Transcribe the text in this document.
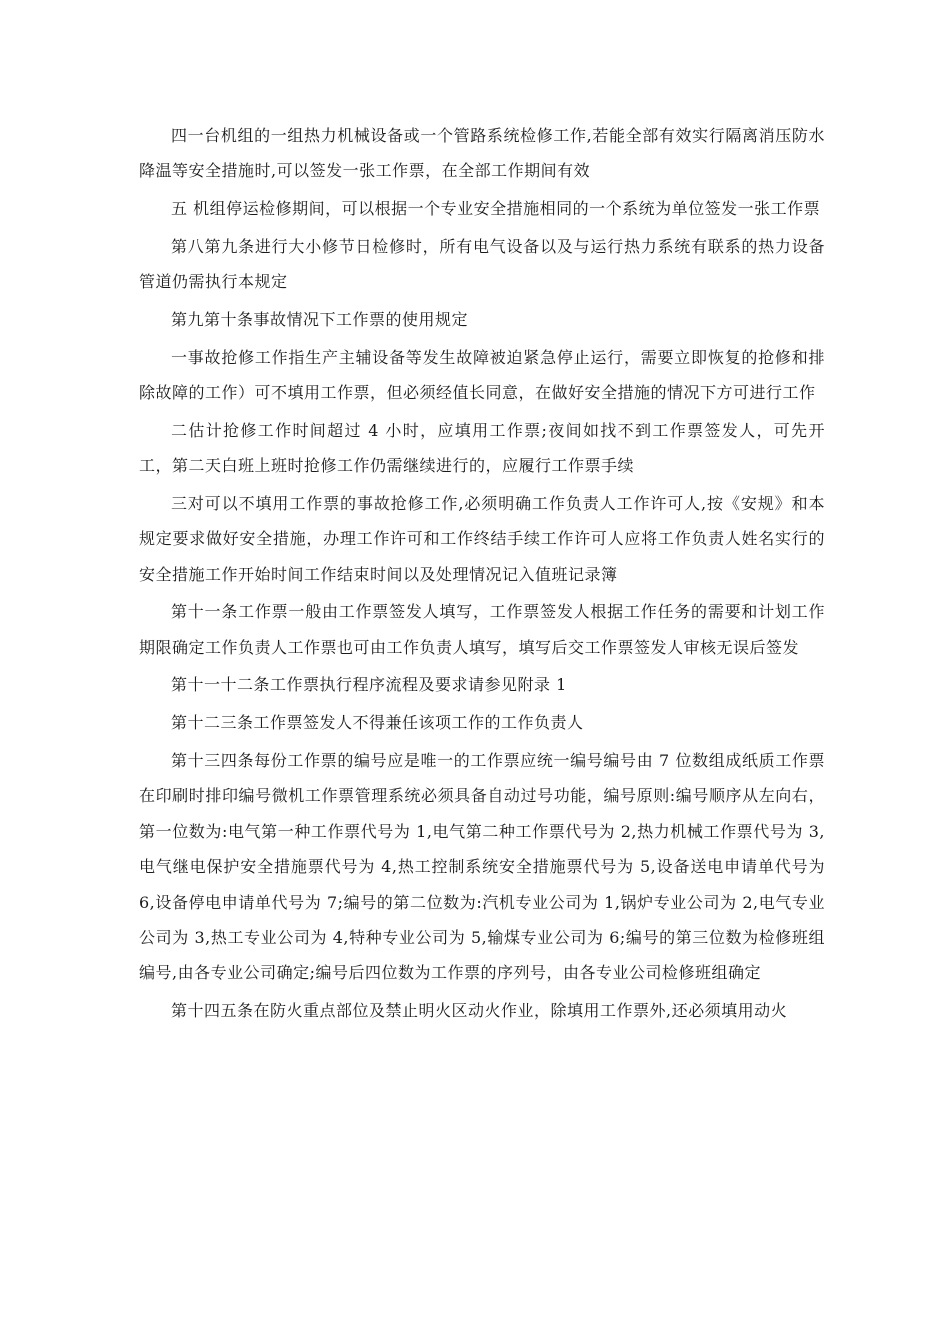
四一台机组的一组热力机械设备或一个管路系统检修工作,若能全部有效实行隔离消压防水 降温等安全措施时,可以签发一张工作票，在全部工作期间有效

五 机组停运检修期间，可以根据一个专业安全措施相同的一个系统为单位签发一张工作票

第八第九条进行大小修节日检修时，所有电气设备以及与运行热力系统有联系的热力设备管道仍需执行本规定

第九第十条事故情况下工作票的使用规定

一事故抢修工作指生产主辅设备等发生故障被迫紧急停止运行，需要立即恢复的抢修和排除故障的工作）可不填用工作票，但必须经值长同意，在做好安全措施的情况下方可进行工作

二估计抢修工作时间超过 4 小时，应填用工作票;夜间如找不到工作票签发人，可先开工，第二天白班上班时抢修工作仍需继续进行的，应履行工作票手续

三对可以不填用工作票的事故抢修工作,必须明确工作负责人工作许可人,按《安规》和本规定要求做好安全措施，办理工作许可和工作终结手续工作许可人应将工作负责人姓名实行的安全措施工作开始时间工作结束时间以及处理情况记入值班记录簿

第十一条工作票一般由工作票签发人填写，工作票签发人根据工作任务的需要和计划工作期限确定工作负责人工作票也可由工作负责人填写，填写后交工作票签发人审核无误后签发

第十一十二条工作票执行程序流程及要求请参见附录 1

第十二三条工作票签发人不得兼任该项工作的工作负责人

第十三四条每份工作票的编号应是唯一的工作票应统一编号编号由 7 位数组成纸质工作票在印刷时排印编号微机工作票管理系统必须具备自动过号功能，编号原则:编号顺序从左向右，第一位数为:电气第一种工作票代号为 1,电气第二种工作票代号为 2,热力机械工作票代号为 3,电气继电保护安全措施票代号为 4,热工控制系统安全措施票代号为 5,设备送电申请单代号为 6,设备停电申请单代号为 7;编号的第二位数为:汽机专业公司为 1,锅炉专业公司为 2,电气专业公司为 3,热工专业公司为 4,特种专业公司为 5,输煤专业公司为 6;编号的第三位数为检修班组编号,由各专业公司确定;编号后四位数为工作票的序列号，由各专业公司检修班组确定

第十四五条在防火重点部位及禁止明火区动火作业，除填用工作票外,还必须填用动火
